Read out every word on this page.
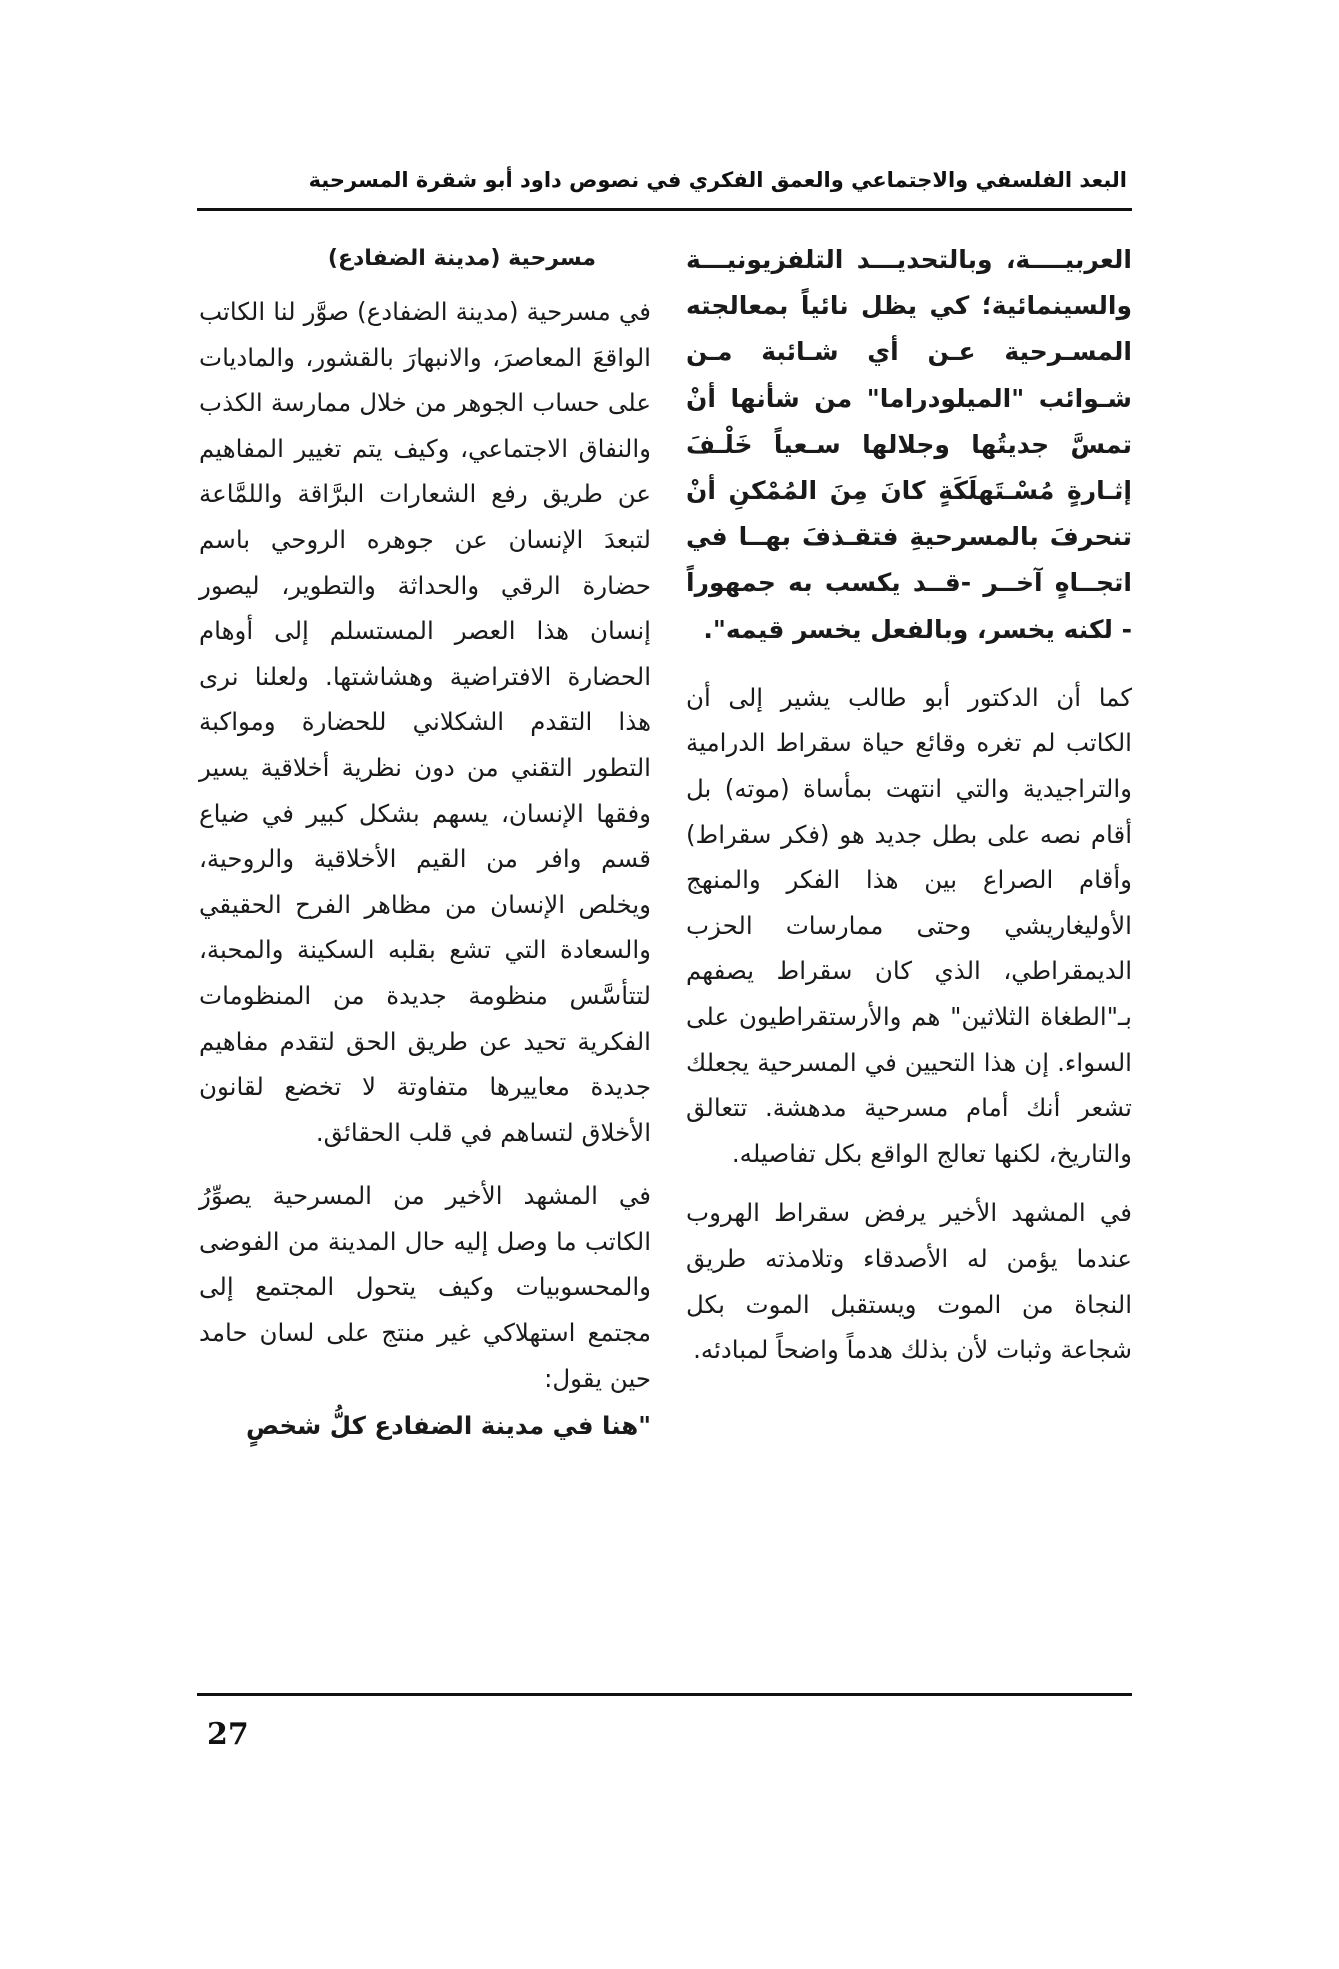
البعد الفلسفي والاجتماعي والعمق الفكري في نصوص داود أبو شقرة المسرحية

العربيــــة، وبالتحديـــد التلفزيونيـــة والسينمائية؛ كي يظل نائياً بمعالجته المسـرحية عـن أي شـائبة مـن شـوائب "الميلودراما" من شأنها أنْ تمسَّ جديتُها وجلالها سـعياً خَلْـفَ إثـارةٍ مُسْـتَهلَكَةٍ كانَ مِنَ المُمْكنِ أنْ تنحرفَ بالمسرحيةِ فتقـذفَ بهــا في اتجــاهٍ آخــر -قــد يكسب به جمهوراً - لكنه يخسر، وبالفعل يخسر قيمه".

كما أن الدكتور أبو طالب يشير إلى أن الكاتب لم تغره وقائع حياة سقراط الدرامية والتراجيدية والتي انتهت بمأساة (موته) بل أقام نصه على بطل جديد هو (فكر سقراط) وأقام الصراع بين هذا الفكر والمنهج الأوليغاريشي وحتى ممارسات الحزب الديمقراطي، الذي كان سقراط يصفهم بـ"الطغاة الثلاثين" هم والأرستقراطيون على السواء. إن هذا التحيين في المسرحية يجعلك تشعر أنك أمام مسرحية مدهشة. تتعالق والتاريخ، لكنها تعالج الواقع بكل تفاصيله.

في المشهد الأخير يرفض سقراط الهروب عندما يؤمن له الأصدقاء وتلامذته طريق النجاة من الموت ويستقبل الموت بكل شجاعة وثبات لأن بذلك هدماً واضحاً لمبادئه.

مسرحية (مدينة الضفادع)

في مسرحية (مدينة الضفادع) صوَّر لنا الكاتب الواقعَ المعاصرَ، والانبهارَ بالقشور، والماديات على حساب الجوهر من خلال ممارسة الكذب والنفاق الاجتماعي، وكيف يتم تغيير المفاهيم عن طريق رفع الشعارات البرَّاقة واللمَّاعة لتبعدَ الإنسان عن جوهره الروحي باسم حضارة الرقي والحداثة والتطوير، ليصور إنسان هذا العصر المستسلم إلى أوهام الحضارة الافتراضية وهشاشتها. ولعلنا نرى هذا التقدم الشكلاني للحضارة ومواكبة التطور التقني من دون نظرية أخلاقية يسير وفقها الإنسان، يسهم بشكل كبير في ضياع قسم وافر من القيم الأخلاقية والروحية، ويخلص الإنسان من مظاهر الفرح الحقيقي والسعادة التي تشع بقلبه السكينة والمحبة، لتتأسَّس منظومة جديدة من المنظومات الفكرية تحيد عن طريق الحق لتقدم مفاهيم جديدة معاييرها متفاوتة لا تخضع لقانون الأخلاق لتساهم في قلب الحقائق.

في المشهد الأخير من المسرحية يصوِّرُ الكاتب ما وصل إليه حال المدينة من الفوضى والمحسوبيات وكيف يتحول المجتمع إلى مجتمع استهلاكي غير منتج على لسان حامد حين يقول:

"هنا في مدينة الضفادع كلُّ شخصٍ

27
